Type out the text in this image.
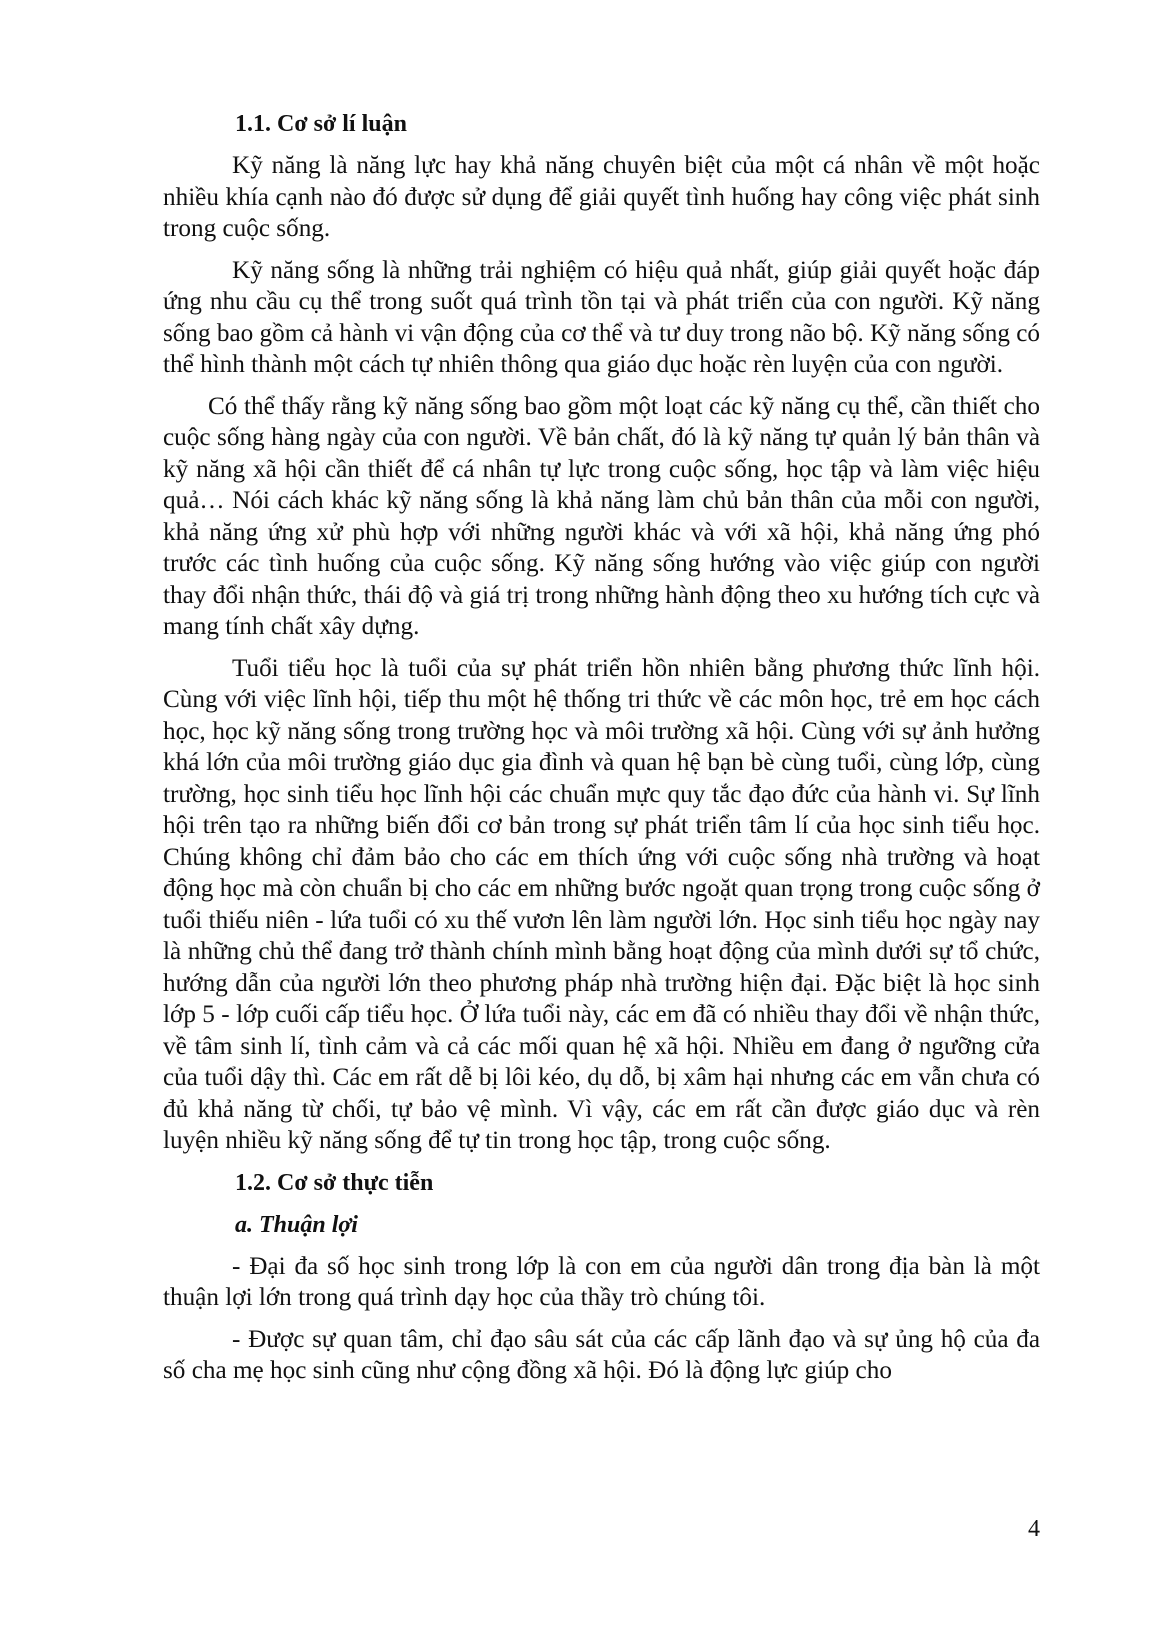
1.1. Cơ sở lí luận

Kỹ năng là năng lực hay khả năng chuyên biệt của một cá nhân về một hoặc nhiều khía cạnh nào đó được sử dụng để giải quyết tình huống hay công việc phát sinh trong cuộc sống.

Kỹ năng sống là những trải nghiệm có hiệu quả nhất, giúp giải quyết hoặc đáp ứng nhu cầu cụ thể trong suốt quá trình tồn tại và phát triển của con người. Kỹ năng sống bao gồm cả hành vi vận động của cơ thể và tư duy trong não bộ. Kỹ năng sống có thể hình thành một cách tự nhiên thông qua giáo dục hoặc rèn luyện của con người.

Có thể thấy rằng kỹ năng sống bao gồm một loạt các kỹ năng cụ thể, cần thiết cho cuộc sống hàng ngày của con người. Về bản chất, đó là kỹ năng tự quản lý bản thân và kỹ năng xã hội cần thiết để cá nhân tự lực trong cuộc sống, học tập và làm việc hiệu quả… Nói cách khác kỹ năng sống là khả năng làm chủ bản thân của mỗi con người, khả năng ứng xử phù hợp với những người khác và với xã hội, khả năng ứng phó trước các tình huống của cuộc sống. Kỹ năng sống hướng vào việc giúp con người thay đổi nhận thức, thái độ và giá trị trong những hành động theo xu hướng tích cực và mang tính chất xây dựng.

Tuổi tiểu học là tuổi của sự phát triển hồn nhiên bằng phương thức lĩnh hội. Cùng với việc lĩnh hội, tiếp thu một hệ thống tri thức về các môn học, trẻ em học cách học, học kỹ năng sống trong trường học và môi trường xã hội. Cùng với sự ảnh hưởng khá lớn của môi trường giáo dục gia đình và quan hệ bạn bè cùng tuổi, cùng lớp, cùng trường, học sinh tiểu học lĩnh hội các chuẩn mực quy tắc đạo đức của hành vi. Sự lĩnh hội trên tạo ra những biến đổi cơ bản trong sự phát triển tâm lí của học sinh tiểu học. Chúng không chỉ đảm bảo cho các em thích ứng với cuộc sống nhà trường và hoạt động học mà còn chuẩn bị cho các em những bước ngoặt quan trọng trong cuộc sống ở tuổi thiếu niên - lứa tuổi có xu thế vươn lên làm người lớn. Học sinh tiểu học ngày nay là những chủ thể đang trở thành chính mình bằng hoạt động của mình dưới sự tổ chức, hướng dẫn của người lớn theo phương pháp nhà trường hiện đại. Đặc biệt là học sinh lớp 5 - lớp cuối cấp tiểu học. Ở lứa tuổi này, các em đã có nhiều thay đổi về nhận thức, về tâm sinh lí, tình cảm và cả các mối quan hệ xã hội. Nhiều em đang ở ngưỡng cửa của tuổi dậy thì. Các em rất dễ bị lôi kéo, dụ dỗ, bị xâm hại nhưng các em vẫn chưa có đủ khả năng từ chối, tự bảo vệ mình. Vì vậy, các em rất cần được giáo dục và rèn luyện nhiều kỹ năng sống để tự tin trong học tập, trong cuộc sống.

1.2. Cơ sở thực tiễn
a. Thuận lợi

- Đại đa số học sinh trong lớp là con em của người dân trong địa bàn là một thuận lợi lớn trong quá trình dạy học của thầy trò chúng tôi.

- Được sự quan tâm, chỉ đạo sâu sát của các cấp lãnh đạo và sự ủng hộ của đa số cha mẹ học sinh cũng như cộng đồng xã hội. Đó là động lực giúp cho

4
